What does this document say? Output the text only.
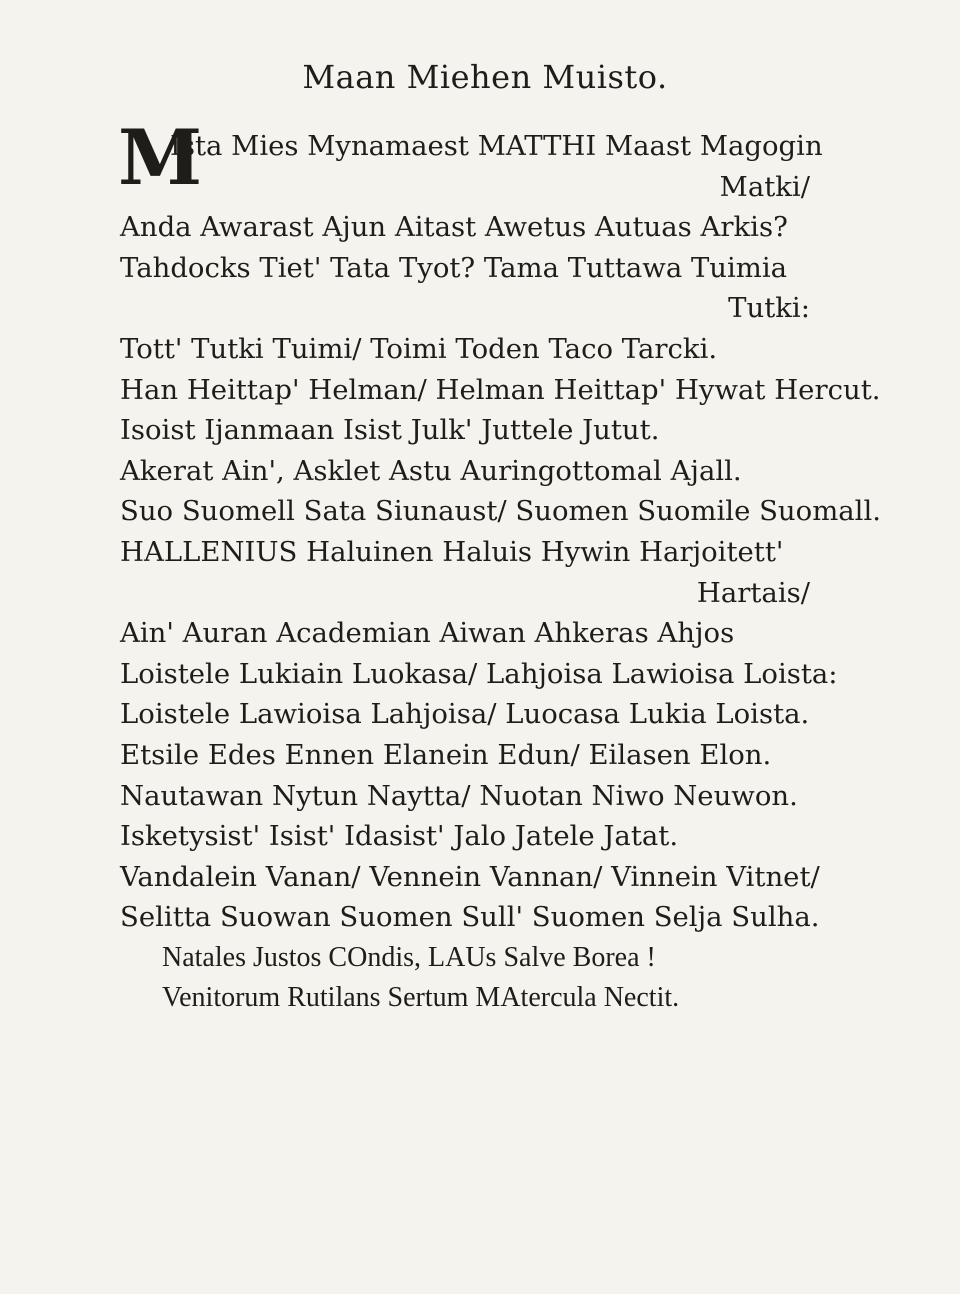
Maan Miehen Muisto.
M
Ista Mies Mynamaest MATTHI Maast Magogin
Matki/
Anda Awarast Ajun Aitast Awetus Autuas Arkis?
Tahdocks Tiet' Tata Tyot? Tama Tuttawa Tuimia
Tutki:
Tott' Tutki Tuimi/ Toimi Toden Taco Tarcki.
Han Heittap' Helman/ Helman Heittap' Hywat Hercut.
Isoist Ijanmaan Isist Julk' Juttele Jutut.
Akerat Ain', Asklet Astu Auringottomal Ajall.
Suo Suomell Sata Siunaust/ Suomen Suomile Suomall.
HALLENIUS Haluinen Haluis Hywin Harjoitett'
Hartais/
Ain' Auran Academian Aiwan Ahkeras Ahjos
Loistele Lukiain Luokasa/ Lahjoisa Lawioisa Loista:
Loistele Lawioisa Lahjoisa/ Luocasa Lukia Loista.
Etsile Edes Ennen Elanein Edun/ Eilasen Elon.
Nautawan Nytun Naytta/ Nuotan Niwo Neuwon.
Isketysist' Isist' Idasist' Jalo Jatele Jatat.
Vandalein Vanan/ Vennein Vannan/ Vinnein Vitnet/
Selitta Suowan Suomen Sull' Suomen Selja Sulha.
Natales Justos COndis, LAUs Salve Borea !
Venitorum Rutilans Sertum MAtercula Nectit.
